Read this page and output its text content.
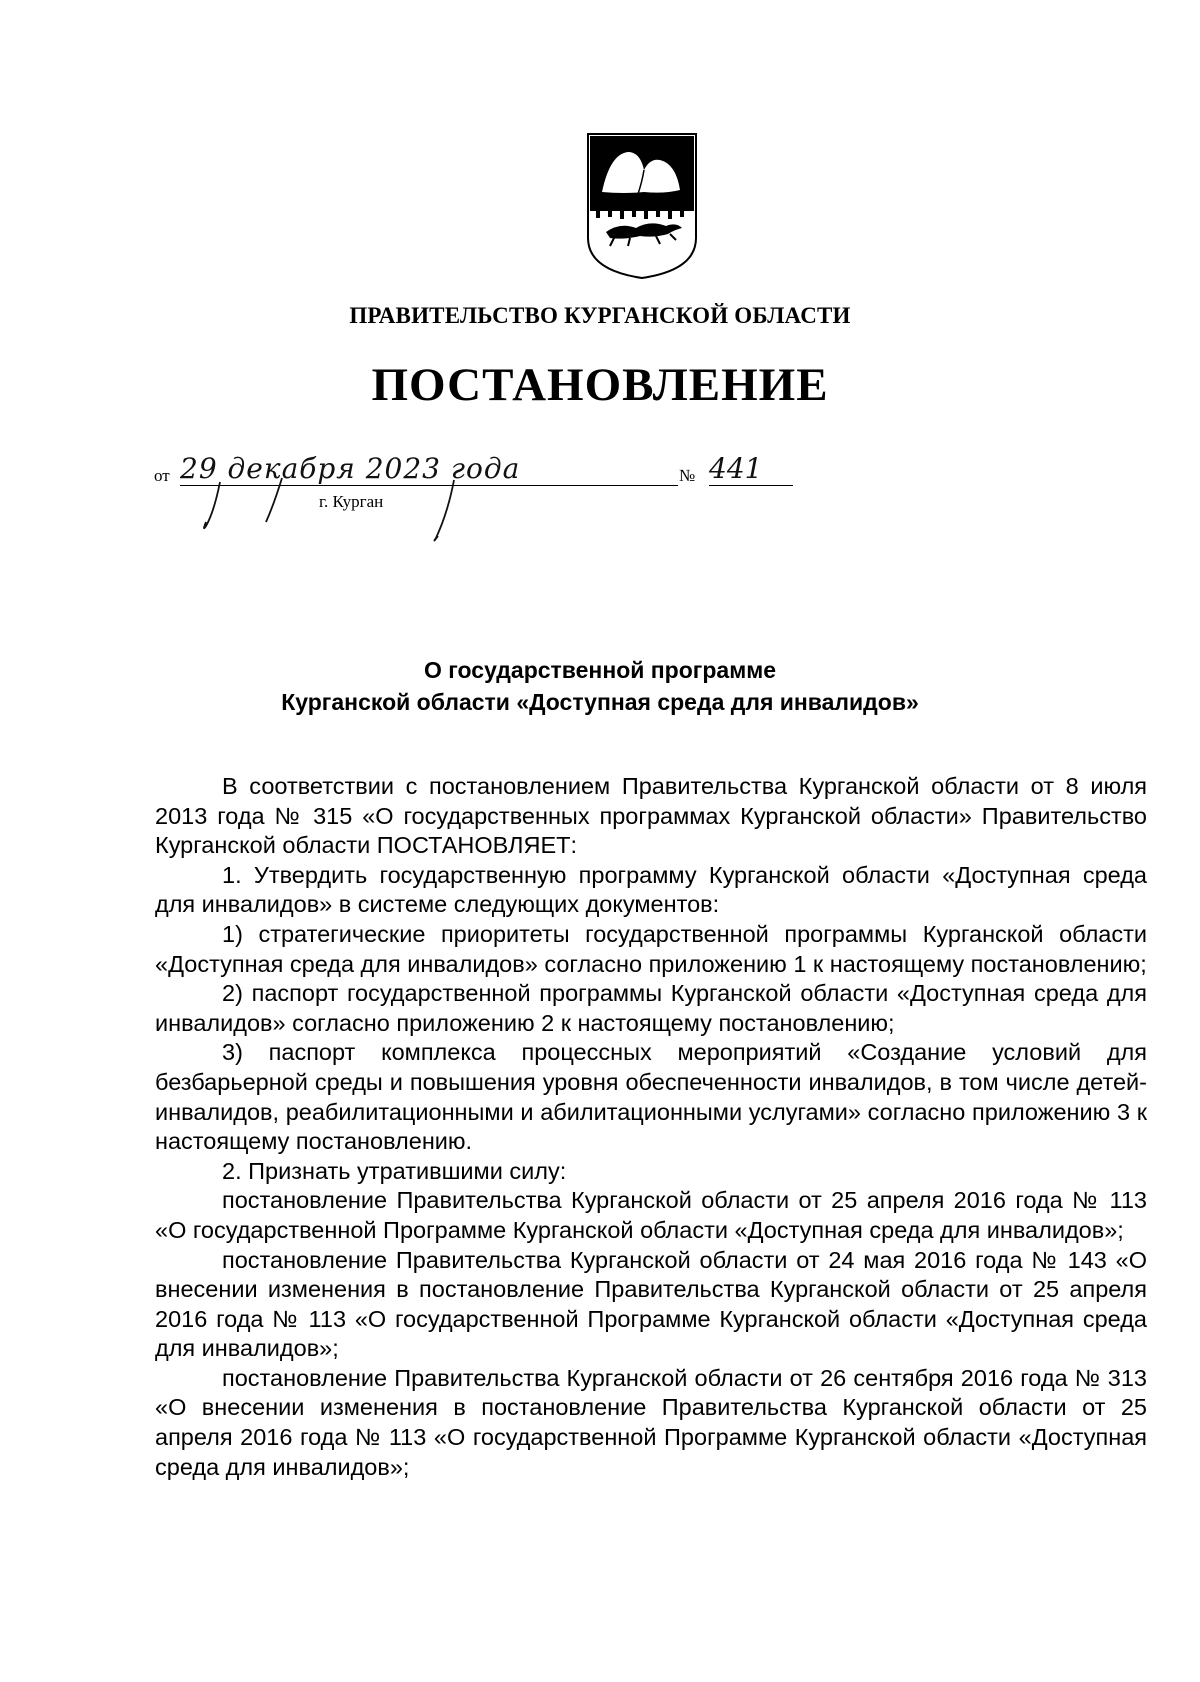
ПРАВИТЕЛЬСТВО КУРГАНСКОЙ ОБЛАСТИ
ПОСТАНОВЛЕНИЕ
от 29 декабря 2023 года	№ 441
г. Курган
О государственной программе
Курганской области «Доступная среда для инвалидов»

В соответствии с постановлением Правительства Курганской области от 8 июля 2013 года № 315 «О государственных программах Курганской области» Правительство Курганской области ПОСТАНОВЛЯЕТ:

1. Утвердить государственную программу Курганской области «Доступная среда для инвалидов» в системе следующих документов:

1) стратегические приоритеты государственной программы Курганской области «Доступная среда для инвалидов» согласно приложению 1 к настоящему постановлению;

2) паспорт государственной программы Курганской области «Доступная среда для инвалидов» согласно приложению 2 к настоящему постановлению;

3) паспорт комплекса процессных мероприятий «Создание условий для безбарьерной среды и повышения уровня обеспеченности инвалидов, в том числе детей-инвалидов, реабилитационными и абилитационными услугами» согласно приложению 3 к настоящему постановлению.

2. Признать утратившими силу:

постановление Правительства Курганской области от 25 апреля 2016 года № 113 «О государственной Программе Курганской области «Доступная среда для инвалидов»;

постановление Правительства Курганской области от 24 мая 2016 года № 143 «О внесении изменения в постановление Правительства Курганской области от 25 апреля 2016 года № 113 «О государственной Программе Курганской области «Доступная среда для инвалидов»;

постановление Правительства Курганской области от 26 сентября 2016 года № 313 «О внесении изменения в постановление Правительства Курганской области от 25 апреля 2016 года № 113 «О государственной Программе Курганской области «Доступная среда для инвалидов»;
